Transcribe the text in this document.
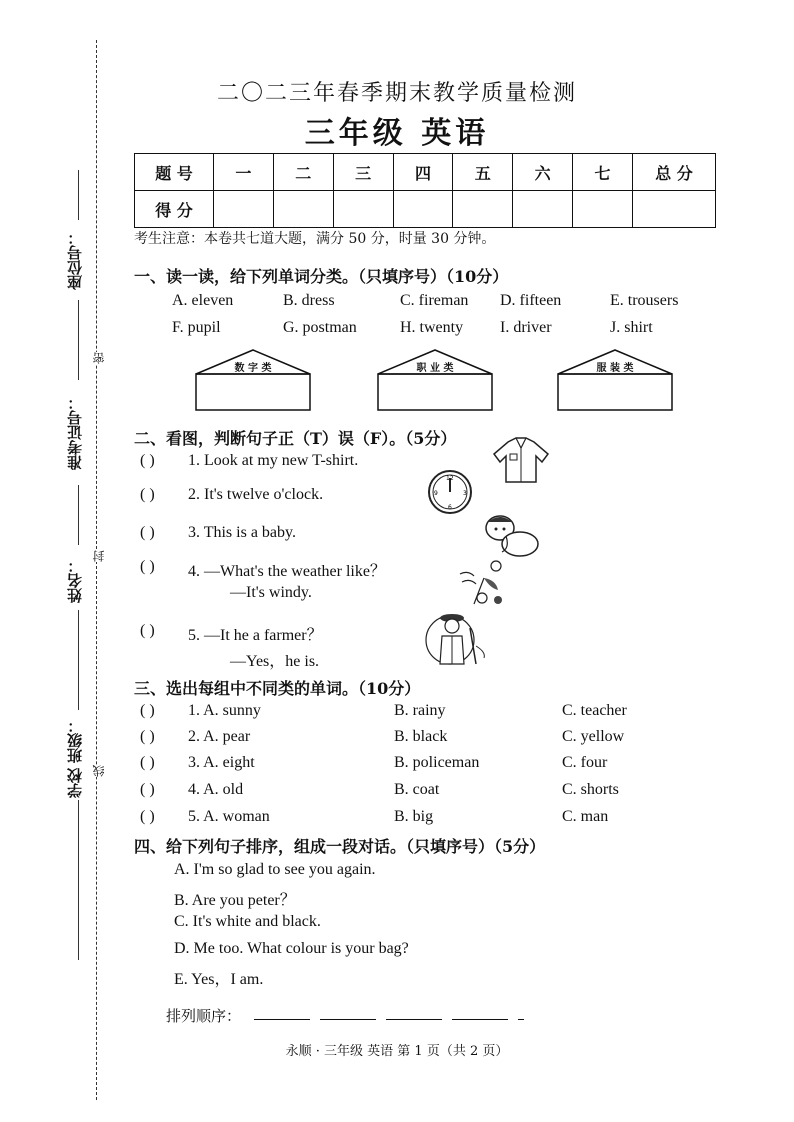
座位号：
准考证号：
姓名：
班级：
学校
密
封
线
二〇二三年春季期末教学质量检测
三年级 英语
题 号	一	二	三	四	五	六	七	总 分
得 分								
考生注意：本卷共七道大题，满分 50 分，时量 30 分钟。
一、读一读，给下列单词分类。（只填序号）（10分）
A. eleven	B. dress	C. fireman D. fifteen	E. trousers
F. pupil	G. postman	H. twenty I. driver	J. shirt
数 字 类	职 业 类	服 装 类
二、看图，判断句子正（T）误（F）。（5分）
( ) 1. Look at my new T-shirt.
( ) 2. It's twelve o'clock.
( ) 3. This is a baby.
( ) 4. —What's the weather like？
—It's windy.
( ) 5. —It he a farmer？
—Yes，he is.
12
3
6
9
三、选出每组中不同类的单词。（10分）
( ) 1. A. sunny	B. rainy	C. teacher
( ) 2. A. pear	B. black	C. yellow
( ) 3. A. eight	B. policeman	C. four
( ) 4. A. old	B. coat	C. shorts
( ) 5. A. woman	B. big	C. man
四、给下列句子排序，组成一段对话。（只填序号）（5分）
A. I'm so glad to see you again.
B. Are you peter？
C. It's white and black.
D. Me too. What colour is your bag?
E. Yes，I am.
排列顺序：
永顺 · 三年级 英语 第 1 页（共 2 页）
